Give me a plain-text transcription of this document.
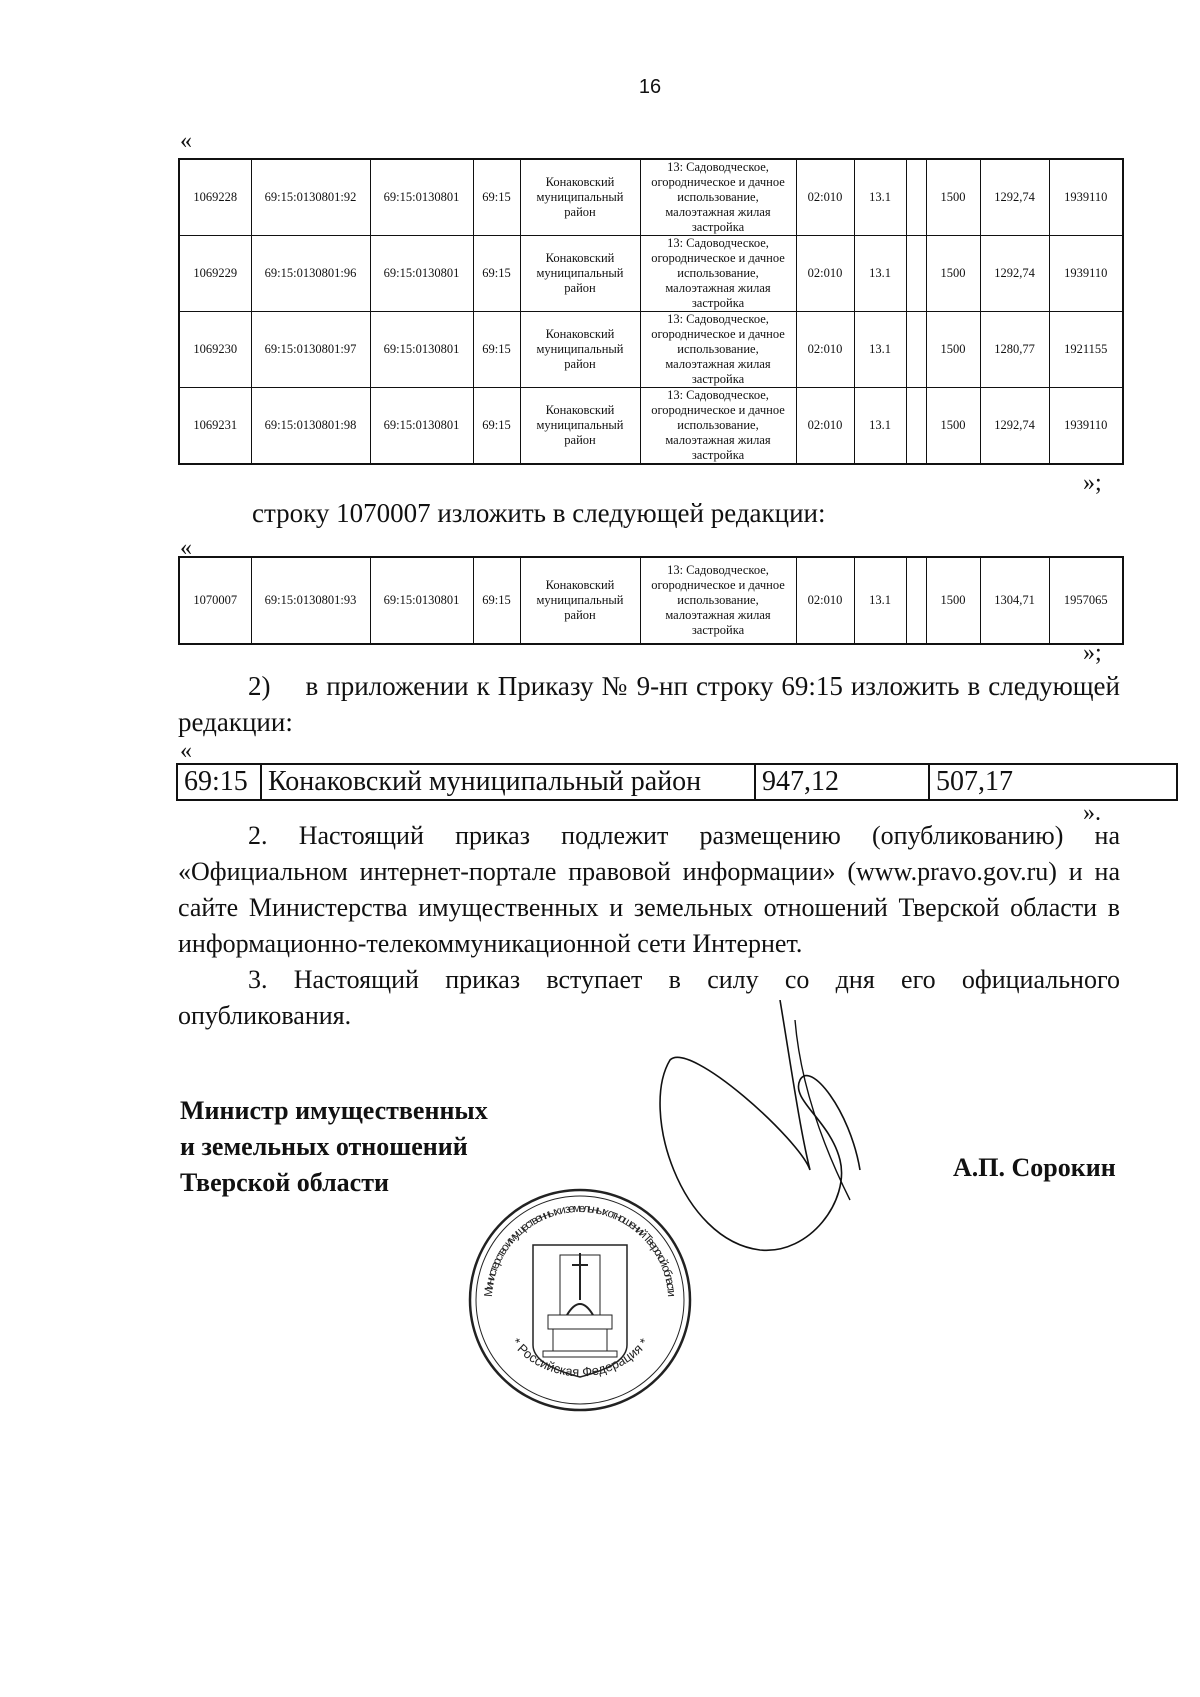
16
«
1069228	69:15:0130801:92	69:15:0130801	69:15	Конаковский муниципальный район	13: Садоводческое, огородническое и дачное использование, малоэтажная жилая застройка	02:010	13.1		1500	1292,74	1939110
1069229	69:15:0130801:96	69:15:0130801	69:15	Конаковский муниципальный район	13: Садоводческое, огородническое и дачное использование, малоэтажная жилая застройка	02:010	13.1		1500	1292,74	1939110
1069230	69:15:0130801:97	69:15:0130801	69:15	Конаковский муниципальный район	13: Садоводческое, огородническое и дачное использование, малоэтажная жилая застройка	02:010	13.1		1500	1280,77	1921155
1069231	69:15:0130801:98	69:15:0130801	69:15	Конаковский муниципальный район	13: Садоводческое, огородническое и дачное использование, малоэтажная жилая застройка	02:010	13.1		1500	1292,74	1939110
»;
строку 1070007 изложить в следующей редакции:
«
1070007	69:15:0130801:93	69:15:0130801	69:15	Конаковский муниципальный район	13: Садоводческое, огородническое и дачное использование, малоэтажная жилая застройка	02:010	13.1		1500	1304,71	1957065
»;
2)  в приложении к Приказу № 9-нп строку 69:15 изложить в следующей редакции:
«
69:15	Конаковский муниципальный район	947,12	507,17
».
2. Настоящий приказ подлежит размещению (опубликованию) на «Официальном интернет-портале правовой информации» (www.pravo.gov.ru) и на сайте Министерства имущественных и земельных отношений Тверской области в информационно-телекоммуникационной сети Интернет.
3. Настоящий приказ вступает в силу со дня его официального опубликования.
Министр имущественных
и земельных отношений
Тверской области
А.П. Сорокин
Министерство имущественных и земельных отношений Тверской области
* Российская Федерация *
